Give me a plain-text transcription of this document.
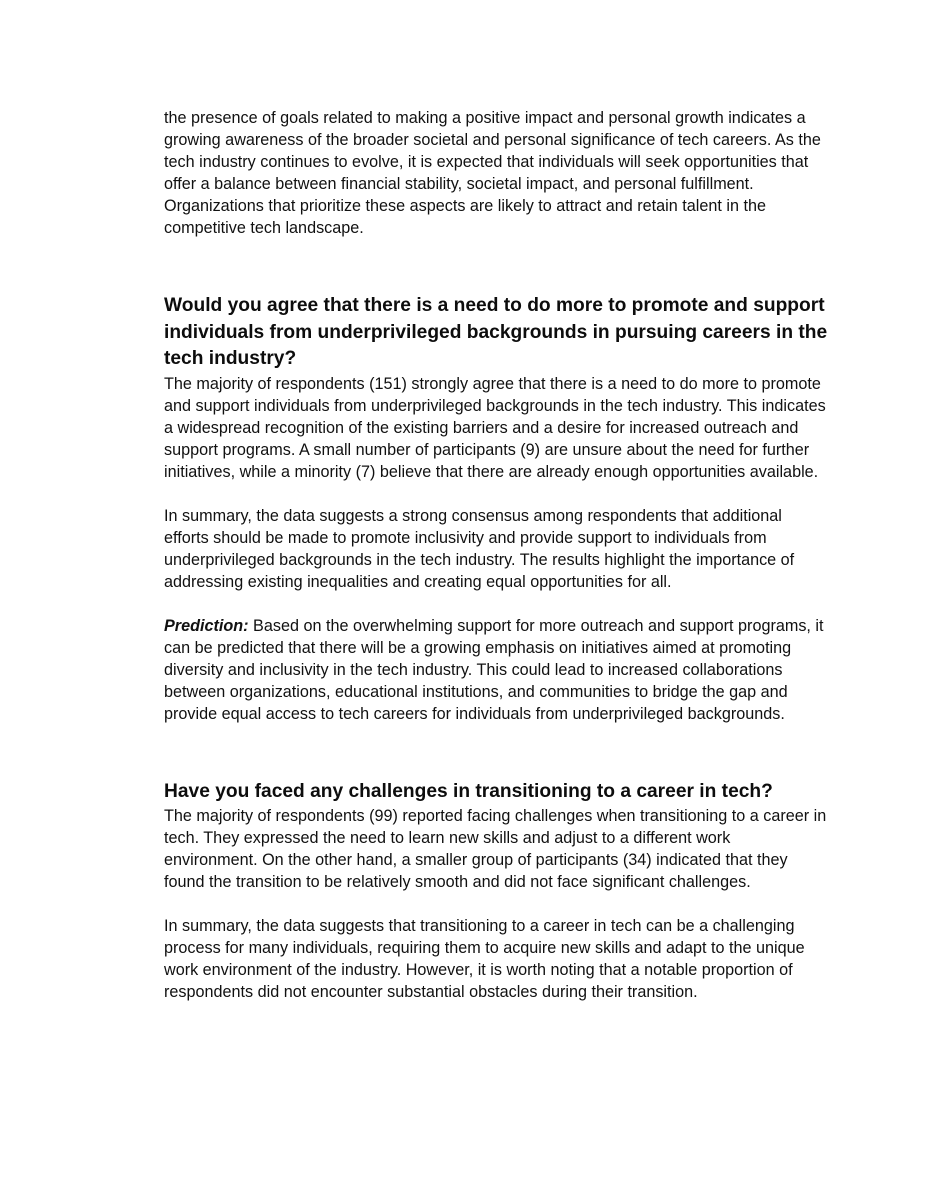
the presence of goals related to making a positive impact and personal growth indicates a growing awareness of the broader societal and personal significance of tech careers. As the tech industry continues to evolve, it is expected that individuals will seek opportunities that offer a balance between financial stability, societal impact, and personal fulfillment. Organizations that prioritize these aspects are likely to attract and retain talent in the competitive tech landscape.

Would you agree that there is a need to do more to promote and support individuals from underprivileged backgrounds in pursuing careers in the tech industry?

The majority of respondents (151) strongly agree that there is a need to do more to promote and support individuals from underprivileged backgrounds in the tech industry. This indicates a widespread recognition of the existing barriers and a desire for increased outreach and support programs. A small number of participants (9) are unsure about the need for further initiatives, while a minority (7) believe that there are already enough opportunities available.

In summary, the data suggests a strong consensus among respondents that additional efforts should be made to promote inclusivity and provide support to individuals from underprivileged backgrounds in the tech industry. The results highlight the importance of addressing existing inequalities and creating equal opportunities for all.

Prediction: Based on the overwhelming support for more outreach and support programs, it can be predicted that there will be a growing emphasis on initiatives aimed at promoting diversity and inclusivity in the tech industry. This could lead to increased collaborations between organizations, educational institutions, and communities to bridge the gap and provide equal access to tech careers for individuals from underprivileged backgrounds.

Have you faced any challenges in transitioning to a career in tech?

The majority of respondents (99) reported facing challenges when transitioning to a career in tech. They expressed the need to learn new skills and adjust to a different work environment. On the other hand, a smaller group of participants (34) indicated that they found the transition to be relatively smooth and did not face significant challenges.

In summary, the data suggests that transitioning to a career in tech can be a challenging process for many individuals, requiring them to acquire new skills and adapt to the unique work environment of the industry. However, it is worth noting that a notable proportion of respondents did not encounter substantial obstacles during their transition.
